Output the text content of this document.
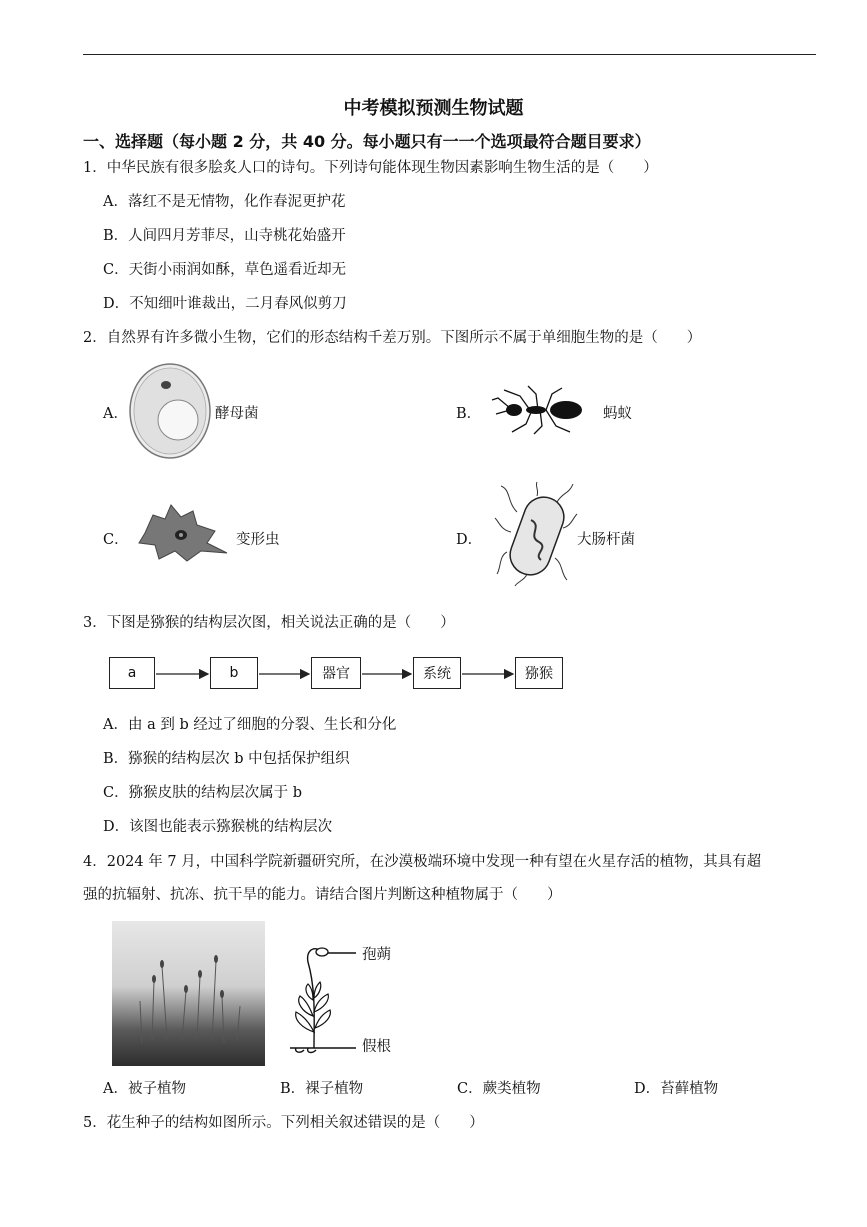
中考模拟预测生物试题
一、选择题（每小题 2 分，共 40 分。每小题只有一一个选项最符合题目要求）
1．中华民族有很多脍炙人口的诗句。下列诗句能体现生物因素影响生物生活的是（　　）
A．落红不是无情物，化作春泥更护花
B．人间四月芳菲尽，山寺桃花始盛开
C．天街小雨润如酥，草色遥看近却无
D．不知细叶谁裁出，二月春风似剪刀
2．自然界有许多微小生物，它们的形态结构千差万别。下图所示不属于单细胞生物的是（　　）
A．	酵母菌	B．	蚂蚁
C．	变形虫	D．	大肠杆菌
3．下图是猕猴的结构层次图，相关说法正确的是（　　）
a	b	器官	系统	猕猴
A．由 a 到 b 经过了细胞的分裂、生长和分化
B．猕猴的结构层次 b 中包括保护组织
C．猕猴皮肤的结构层次属于 b
D．该图也能表示猕猴桃的结构层次
4．2024 年 7 月，中国科学院新疆研究所，在沙漠极端环境中发现一种有望在火星存活的植物，其具有超
强的抗辐射、抗冻、抗干旱的能力。请结合图片判断这种植物属于（　　）
孢蒴
假根
A．被子植物	B．裸子植物	C．蕨类植物	D．苔藓植物
5．花生种子的结构如图所示。下列相关叙述错误的是（　　）
